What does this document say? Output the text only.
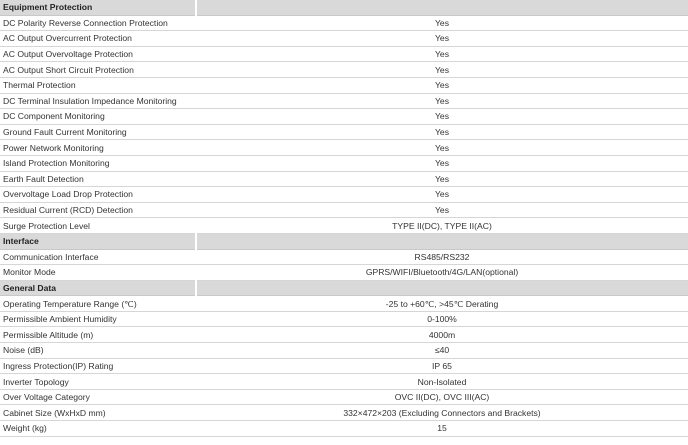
Equipment Protection	
DC Polarity Reverse Connection Protection	Yes
AC Output Overcurrent Protection	Yes
AC Output Overvoltage Protection	Yes
AC Output Short Circuit Protection	Yes
Thermal Protection	Yes
DC Terminal Insulation Impedance Monitoring	Yes
DC Component Monitoring	Yes
Ground Fault Current Monitoring	Yes
Power Network Monitoring	Yes
Island Protection Monitoring	Yes
Earth Fault Detection	Yes
Overvoltage Load Drop Protection	Yes
Residual Current (RCD) Detection	Yes
Surge Protection Level	TYPE II(DC), TYPE II(AC)
Interface	
Communication Interface	RS485/RS232
Monitor Mode	GPRS/WIFI/Bluetooth/4G/LAN(optional)
General Data	
Operating Temperature Range (℃)	-25 to +60℃, >45℃ Derating
Permissible Ambient Humidity	0-100%
Permissible Altitude (m)	4000m
Noise (dB)	≤40
Ingress Protection(IP) Rating	IP 65
Inverter Topology	Non-Isolated
Over Voltage Category	OVC II(DC), OVC III(AC)
Cabinet Size (WxHxD mm)	332×472×203 (Excluding Connectors and Brackets)
Weight (kg)	15
